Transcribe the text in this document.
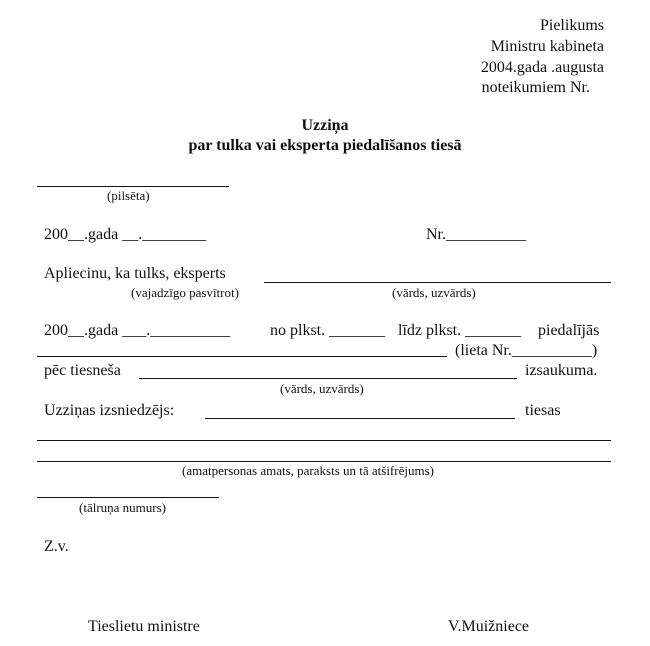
Pielikums
Ministru kabineta
2004.gada .augusta
noteikumiem Nr.
Uzziņa
par tulka vai eksperta piedalīšanos tiesā
(pilsēta)
200__.gada __.________	Nr.__________
Apliecinu, ka tulks, eksperts
(vajadzīgo pasvītrot)	(vārds, uzvārds)
200__.gada ___.__________ no plkst. _______ līdz plkst. _______ piedalījās
(lieta Nr.__________)
pēc tiesneša	izsaukuma.
(vārds, uzvārds)
Uzziņas izsniedzējs:	tiesas
(amatpersonas amats, paraksts un tā atšifrējums)
(tālruņa numurs)
Z.v.
Tieslietu ministre	V.Muižniece
